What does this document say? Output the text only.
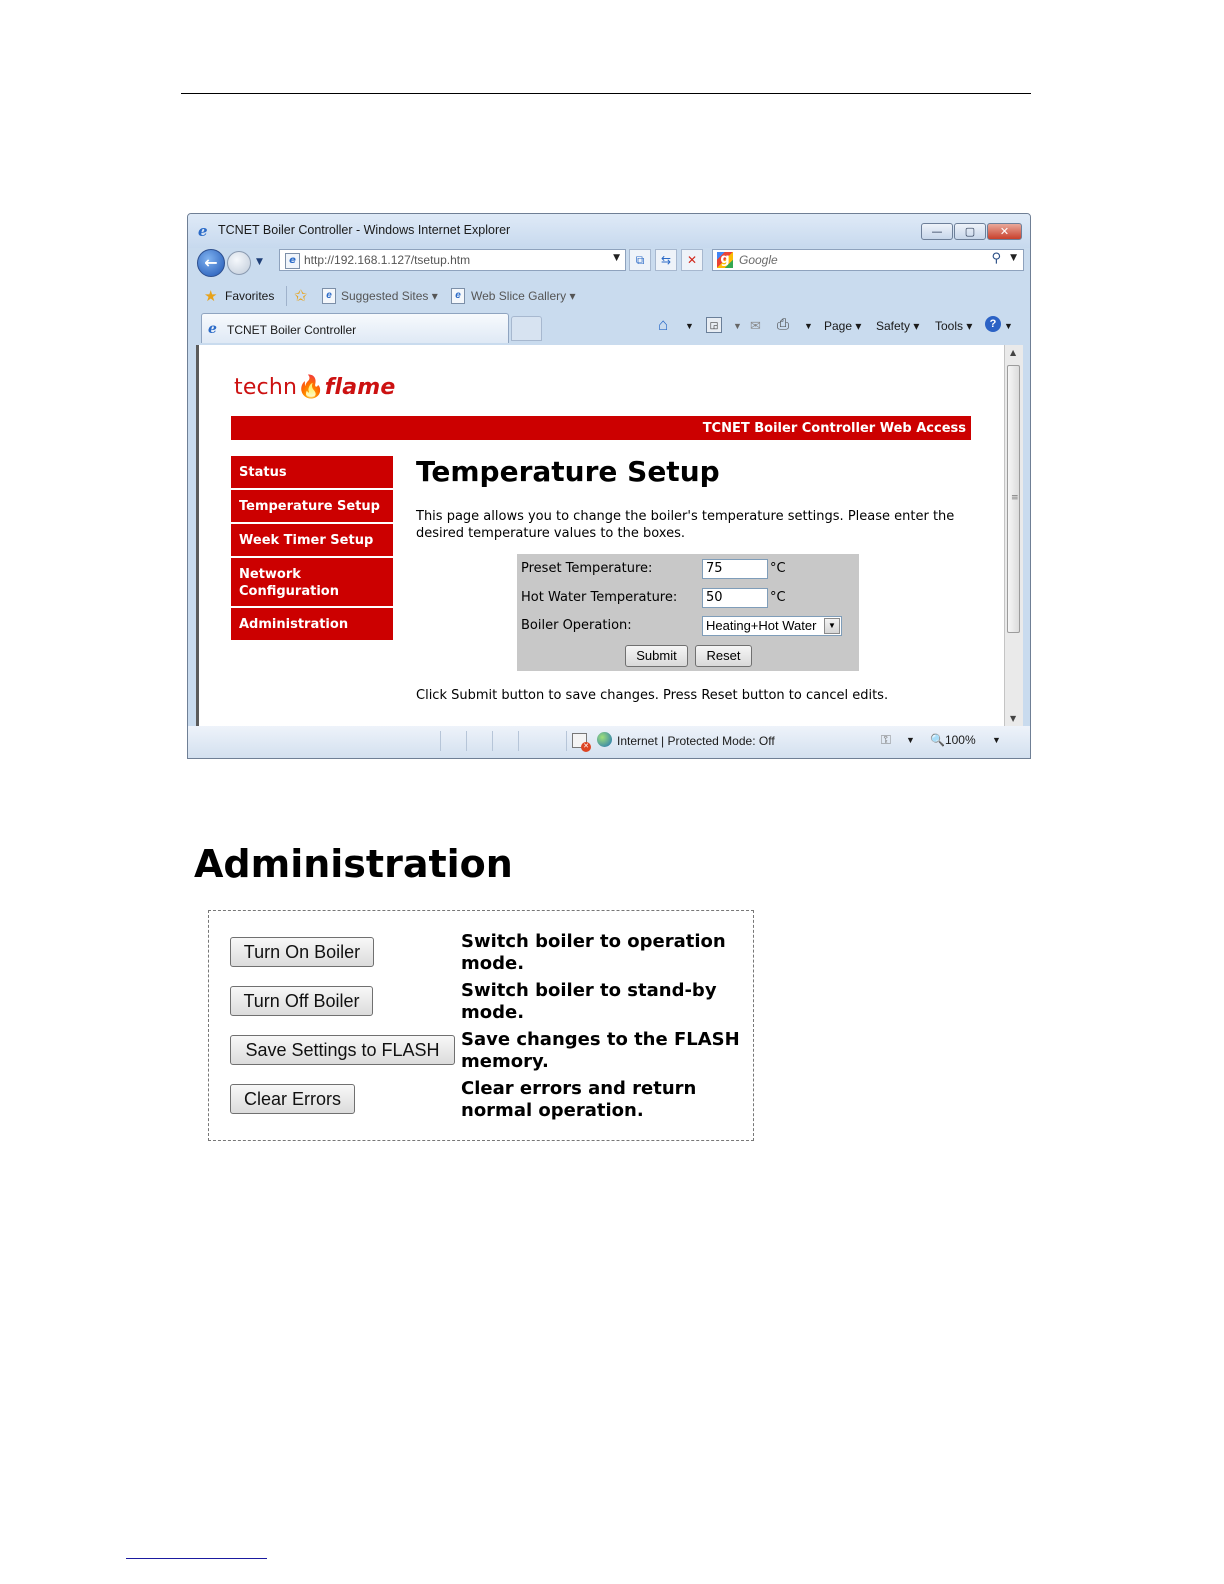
e TCNET Boiler Controller - Windows Internet Explorer	—	▢	✕
←	▼	e http://192.168.1.127/tsetup.htm	▼	⧉	⇆	✕	g Google	⚲ ▼
★ Favorites ✩	e Suggested Sites ▾	e Web Slice Gallery ▾
e TCNET Boiler Controller	⌂ ▼	◲	▼ ✉ ⎙ ▼ Page ▾ Safety ▾ Tools ▾	? ▼
techn🔥flame
TCNET Boiler Controller Web Access
Status
Temperature Setup
Week Timer Setup
Network Configuration
Administration
Temperature Setup
This page allows you to change the boiler's temperature settings. Please enter the desired temperature values to the boxes.
Preset Temperature:	75	°C
Hot Water Temperature:	50	°C
Boiler Operation:	Heating+Hot Water	▼
Submit	Reset
Click Submit button to save changes. Press Reset button to cancel edits.
▲
≡
▼
✕
Internet | Protected Mode: Off	⚿ ▼ 🔍100% ▼
Administration
Turn On Boiler	Switch boiler to operation mode.
Turn Off Boiler	Switch boiler to stand-by mode.
Save Settings to FLASH	Save changes to the FLASH memory.
Clear Errors	Clear errors and return normal operation.
